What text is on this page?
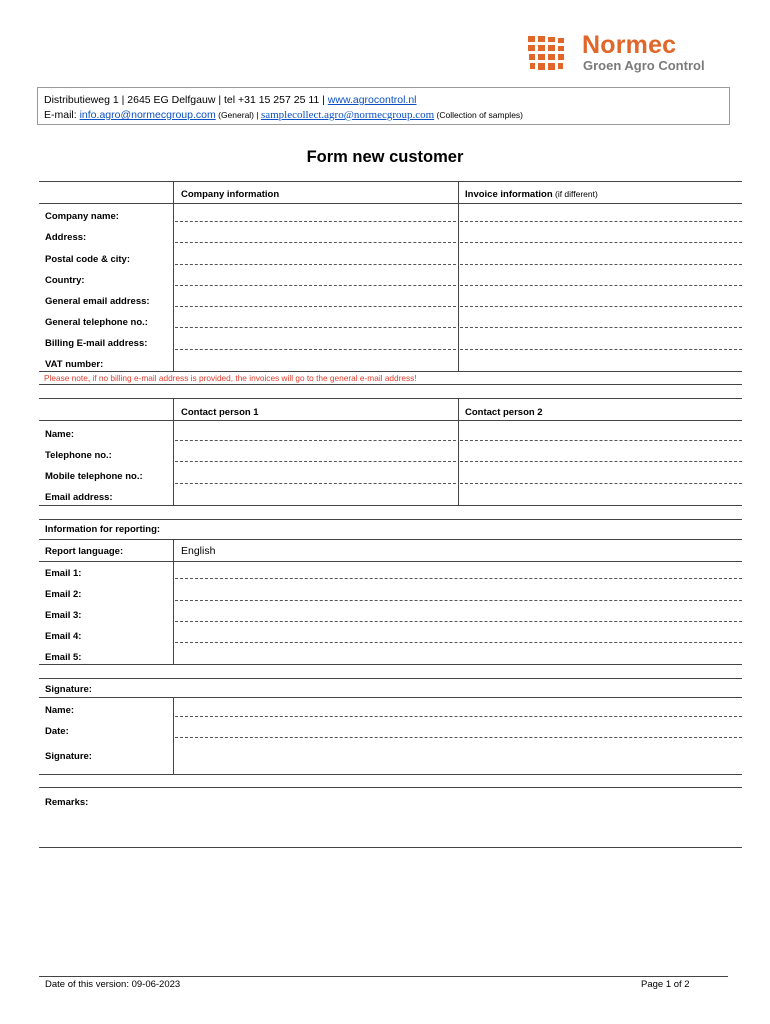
Normec
Groen Agro Control
Distributieweg 1 | 2645 EG Delfgauw | tel +31 15 257 25 11 | www.agrocontrol.nl
E-mail: info.agro@normecgroup.com (General) | samplecollect.agro@normecgroup.com (Collection of samples)
Form new customer
Company information	Invoice information (if different)
Company name:
Address:
Postal code & city:
Country:
General email address:
General telephone no.:
Billing E-mail address:
VAT number:
Please note, if no billing e-mail address is provided, the invoices will go to the general e-mail address!
Contact person 1	Contact person 2
Name:
Telephone no.:
Mobile telephone no.:
Email address:
Information for reporting:
Report language:	English
Email 1:
Email 2:
Email 3:
Email 4:
Email 5:
Signature:
Name:
Date:
Signature:
Remarks:
Date of this version: 09-06-2023	Page 1 of 2
